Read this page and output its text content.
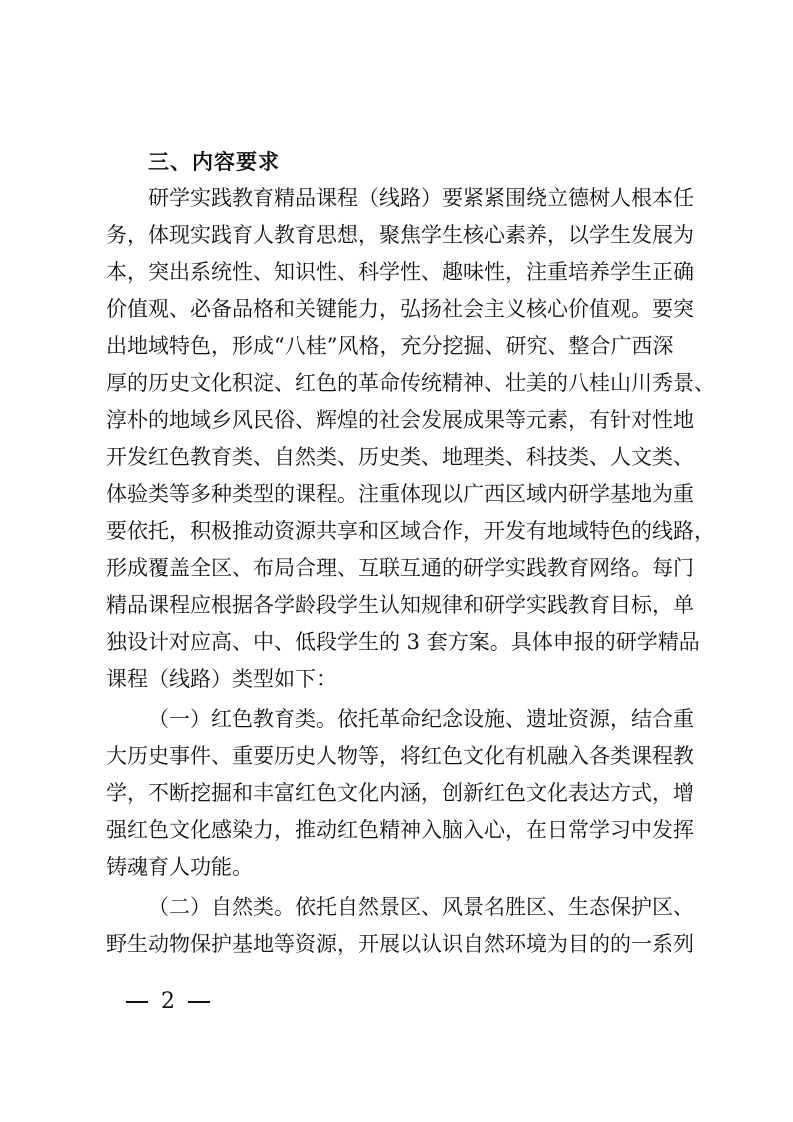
三、内容要求
研学实践教育精品课程（线路）要紧紧围绕立德树人根本任
务，体现实践育人教育思想，聚焦学生核心素养，以学生发展为
本，突出系统性、知识性、科学性、趣味性，注重培养学生正确
价值观、必备品格和关键能力，弘扬社会主义核心价值观。要突
出地域特色，形成“八桂”风格，充分挖掘、研究、整合广西深
厚的历史文化积淀、红色的革命传统精神、壮美的八桂山川秀景、
淳朴的地域乡风民俗、辉煌的社会发展成果等元素，有针对性地
开发红色教育类、自然类、历史类、地理类、科技类、人文类、
体验类等多种类型的课程。注重体现以广西区域内研学基地为重
要依托，积极推动资源共享和区域合作，开发有地域特色的线路，
形成覆盖全区、布局合理、互联互通的研学实践教育网络。每门
精品课程应根据各学龄段学生认知规律和研学实践教育目标，单
独设计对应高、中、低段学生的 3 套方案。具体申报的研学精品
课程（线路）类型如下：
（一）红色教育类。依托革命纪念设施、遗址资源，结合重
大历史事件、重要历史人物等，将红色文化有机融入各类课程教
学，不断挖掘和丰富红色文化内涵，创新红色文化表达方式，增
强红色文化感染力，推动红色精神入脑入心，在日常学习中发挥
铸魂育人功能。
（二）自然类。依托自然景区、风景名胜区、生态保护区、
野生动物保护基地等资源，开展以认识自然环境为目的的一系列
2
